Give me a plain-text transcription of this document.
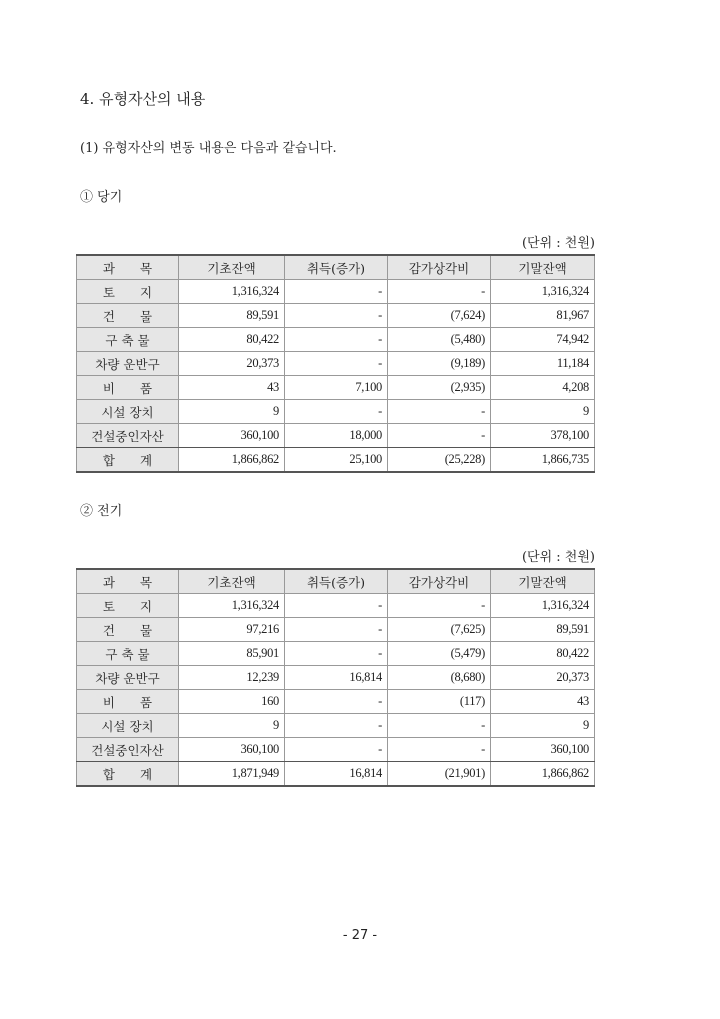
4. 유형자산의 내용
(1) 유형자산의 변동 내용은 다음과 같습니다.
① 당기
(단위 : 천원)
과　　목	기초잔액	취득(증가)	감가상각비	기말잔액
토　　지	1,316,324	-	-	1,316,324
건　　물	89,591	-	(7,624)	81,967
구 축 물	80,422	-	(5,480)	74,942
차량 운반구	20,373	-	(9,189)	11,184
비　　품	43	7,100	(2,935)	4,208
시설 장치	9	-	-	9
건설중인자산	360,100	18,000	-	378,100
합　　계	1,866,862	25,100	(25,228)	1,866,735
② 전기
(단위 : 천원)
과　　목	기초잔액	취득(증가)	감가상각비	기말잔액
토　　지	1,316,324	-	-	1,316,324
건　　물	97,216	-	(7,625)	89,591
구 축 물	85,901	-	(5,479)	80,422
차량 운반구	12,239	16,814	(8,680)	20,373
비　　품	160	-	(117)	43
시설 장치	9	-	-	9
건설중인자산	360,100	-	-	360,100
합　　계	1,871,949	16,814	(21,901)	1,866,862
- 27 -
